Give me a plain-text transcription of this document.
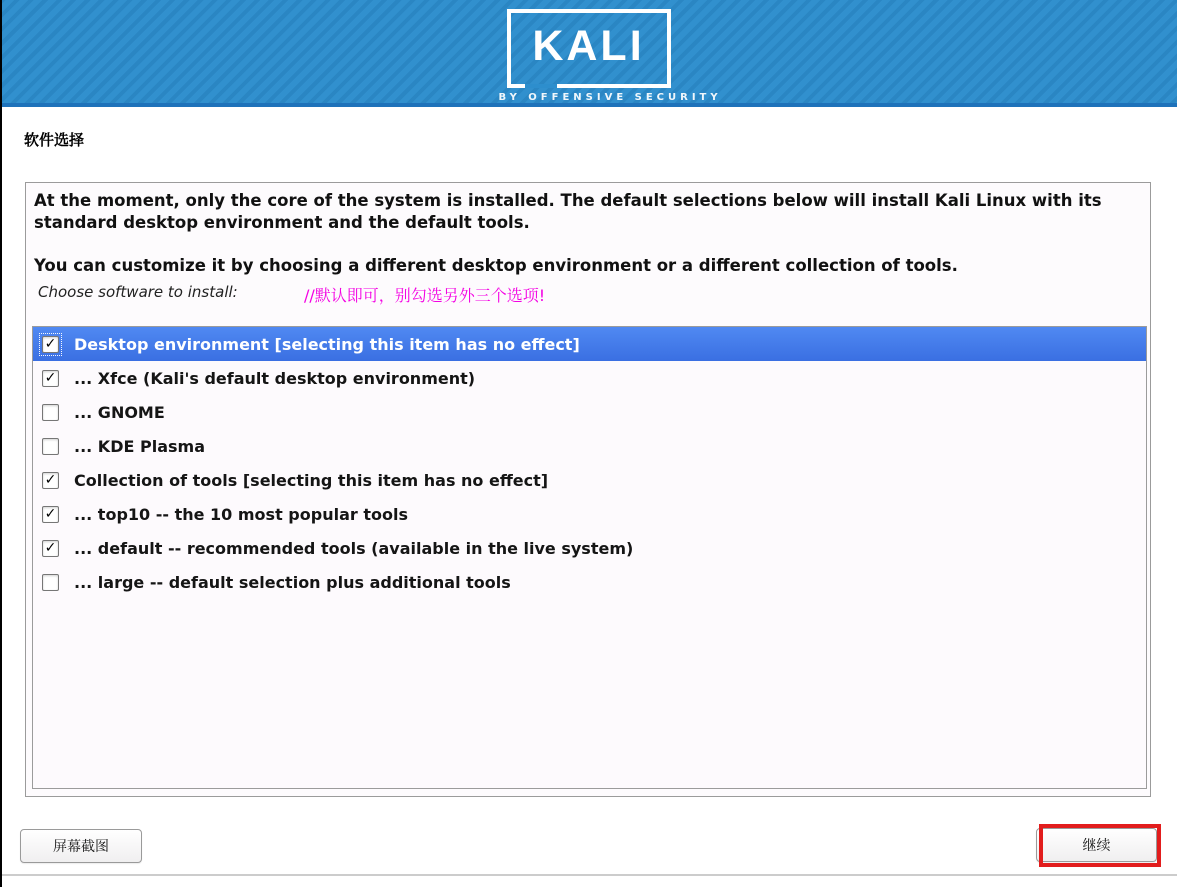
KALI
BY OFFENSIVE SECURITY
软件选择
At the moment, only the core of the system is installed. The default selections below will install Kali Linux with its standard desktop environment and the default tools.
You can customize it by choosing a different desktop environment or a different collection of tools.
Choose software to install:	//默认即可，别勾选另外三个选项!
✓ Desktop environment [selecting this item has no effect]
✓ ... Xfce (Kali's default desktop environment)
... GNOME
... KDE Plasma
✓ Collection of tools [selecting this item has no effect]
✓ ... top10 -- the 10 most popular tools
✓ ... default -- recommended tools (available in the live system)
... large -- default selection plus additional tools
屏幕截图	继续
